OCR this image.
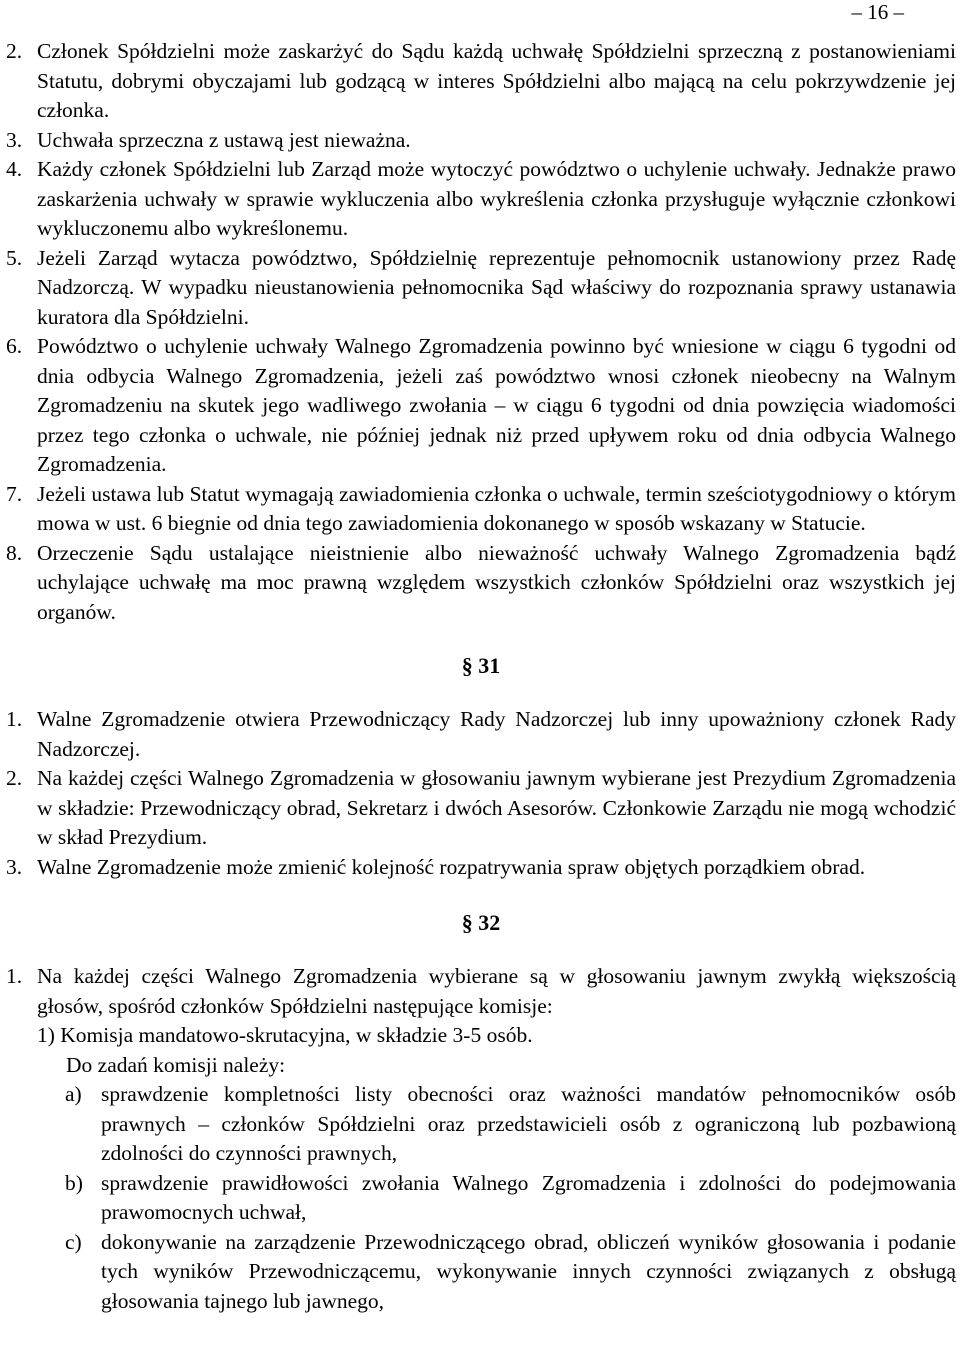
– 16 –
2. Członek Spółdzielni może zaskarżyć do Sądu każdą uchwałę Spółdzielni sprzeczną z postanowieniami Statutu, dobrymi obyczajami lub godzącą w interes Spółdzielni albo mającą na celu pokrzywdzenie jej członka.
3. Uchwała sprzeczna z ustawą jest nieważna.
4. Każdy członek Spółdzielni lub Zarząd może wytoczyć powództwo o uchylenie uchwały. Jednakże prawo zaskarżenia uchwały w sprawie wykluczenia albo wykreślenia członka przysługuje wyłącznie członkowi wykluczonemu albo wykreślonemu.
5. Jeżeli Zarząd wytacza powództwo, Spółdzielnię reprezentuje pełnomocnik ustanowiony przez Radę Nadzorczą. W wypadku nieustanowienia pełnomocnika Sąd właściwy do rozpoznania sprawy ustanawia kuratora dla Spółdzielni.
6. Powództwo o uchylenie uchwały Walnego Zgromadzenia powinno być wniesione w ciągu 6 tygodni od dnia odbycia Walnego Zgromadzenia, jeżeli zaś powództwo wnosi członek nieobecny na Walnym Zgromadzeniu na skutek jego wadliwego zwołania – w ciągu 6 tygodni od dnia powzięcia wiadomości przez tego członka o uchwale, nie później jednak niż przed upływem roku od dnia odbycia Walnego Zgromadzenia.
7. Jeżeli ustawa lub Statut wymagają zawiadomienia członka o uchwale, termin sześciotygodniowy o którym mowa w ust. 6 biegnie od dnia tego zawiadomienia dokonanego w sposób wskazany w Statucie.
8. Orzeczenie Sądu ustalające nieistnienie albo nieważność uchwały Walnego Zgromadzenia bądź uchylające uchwałę ma moc prawną względem wszystkich członków Spółdzielni oraz wszystkich jej organów.
§ 31
1. Walne Zgromadzenie otwiera Przewodniczący Rady Nadzorczej lub inny upoważniony członek Rady Nadzorczej.
2. Na każdej części Walnego Zgromadzenia w głosowaniu jawnym wybierane jest Prezydium Zgromadzenia w składzie: Przewodniczący obrad, Sekretarz i dwóch Asesorów. Członkowie Zarządu nie mogą wchodzić w skład Prezydium.
3. Walne Zgromadzenie może zmienić kolejność rozpatrywania spraw objętych porządkiem obrad.
§ 32
1. Na każdej części Walnego Zgromadzenia wybierane są w głosowaniu jawnym zwykłą większością głosów, spośród członków Spółdzielni następujące komisje:
1) Komisja mandatowo-skrutacyjna, w składzie 3-5 osób.
Do zadań komisji należy:
a) sprawdzenie kompletności listy obecności oraz ważności mandatów pełnomocników osób prawnych – członków Spółdzielni oraz przedstawicieli osób z ograniczoną lub pozbawioną zdolności do czynności prawnych,
b) sprawdzenie prawidłowości zwołania Walnego Zgromadzenia i zdolności do podejmowania prawomocnych uchwał,
c) dokonywanie na zarządzenie Przewodniczącego obrad, obliczeń wyników głosowania i podanie tych wyników Przewodniczącemu, wykonywanie innych czynności związanych z obsługą głosowania tajnego lub jawnego,
